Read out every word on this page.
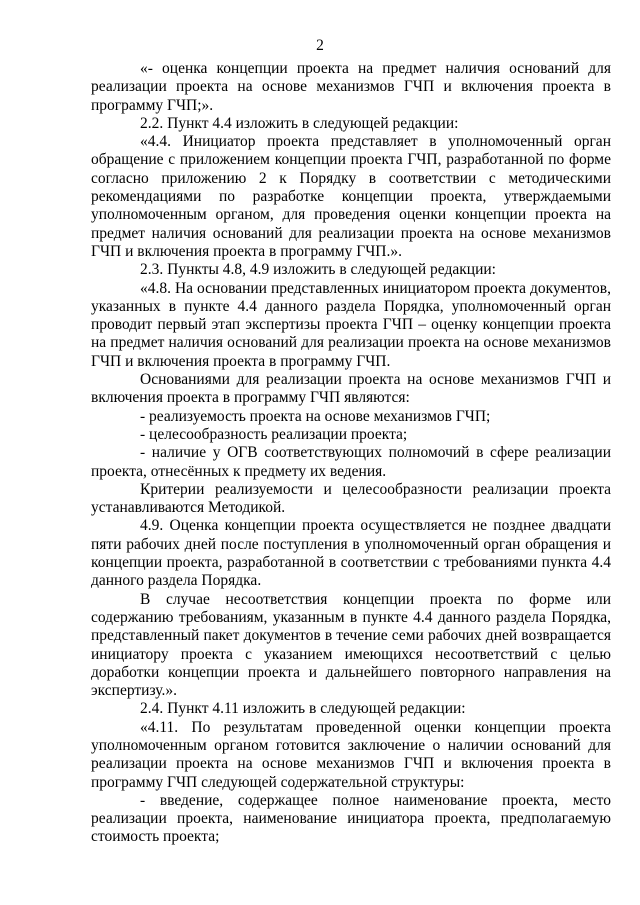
2

«- оценка концепции проекта на предмет наличия оснований для реализации проекта на основе механизмов ГЧП и включения проекта в программу ГЧП;».

2.2. Пункт 4.4 изложить в следующей редакции:

«4.4. Инициатор проекта представляет в уполномоченный орган обращение с приложением концепции проекта ГЧП, разработанной по форме согласно приложению 2 к Порядку в соответствии с методическими рекомендациями по разработке концепции проекта, утверждаемыми уполномоченным органом, для проведения оценки концепции проекта на предмет наличия оснований для реализации проекта на основе механизмов ГЧП и включения проекта в программу ГЧП.».

2.3. Пункты 4.8, 4.9 изложить в следующей редакции:

«4.8. На основании представленных инициатором проекта документов, указанных в пункте 4.4 данного раздела Порядка, уполномоченный орган проводит первый этап экспертизы проекта ГЧП – оценку концепции проекта на предмет наличия оснований для реализации проекта на основе механизмов ГЧП и включения проекта в программу ГЧП.

Основаниями для реализации проекта на основе механизмов ГЧП и включения проекта в программу ГЧП являются:

- реализуемость проекта на основе механизмов ГЧП;

- целесообразность реализации проекта;

- наличие у ОГВ соответствующих полномочий в сфере реализации проекта, отнесённых к предмету их ведения.

Критерии реализуемости и целесообразности реализации проекта устанавливаются Методикой.

4.9. Оценка концепции проекта осуществляется не позднее двадцати пяти рабочих дней после поступления в уполномоченный орган обращения и концепции проекта, разработанной в соответствии с требованиями пункта 4.4 данного раздела Порядка.

В случае несоответствия концепции проекта по форме или содержанию требованиям, указанным в пункте 4.4 данного раздела Порядка, представленный пакет документов в течение семи рабочих дней возвращается инициатору проекта с указанием имеющихся несоответствий с целью доработки концепции проекта и дальнейшего повторного направления на экспертизу.».

2.4. Пункт 4.11 изложить в следующей редакции:

«4.11. По результатам проведенной оценки концепции проекта уполномоченным органом готовится заключение о наличии оснований для реализации проекта на основе механизмов ГЧП и включения проекта в программу ГЧП следующей содержательной структуры:

- введение, содержащее полное наименование проекта, место реализации проекта, наименование инициатора проекта, предполагаемую стоимость проекта;
